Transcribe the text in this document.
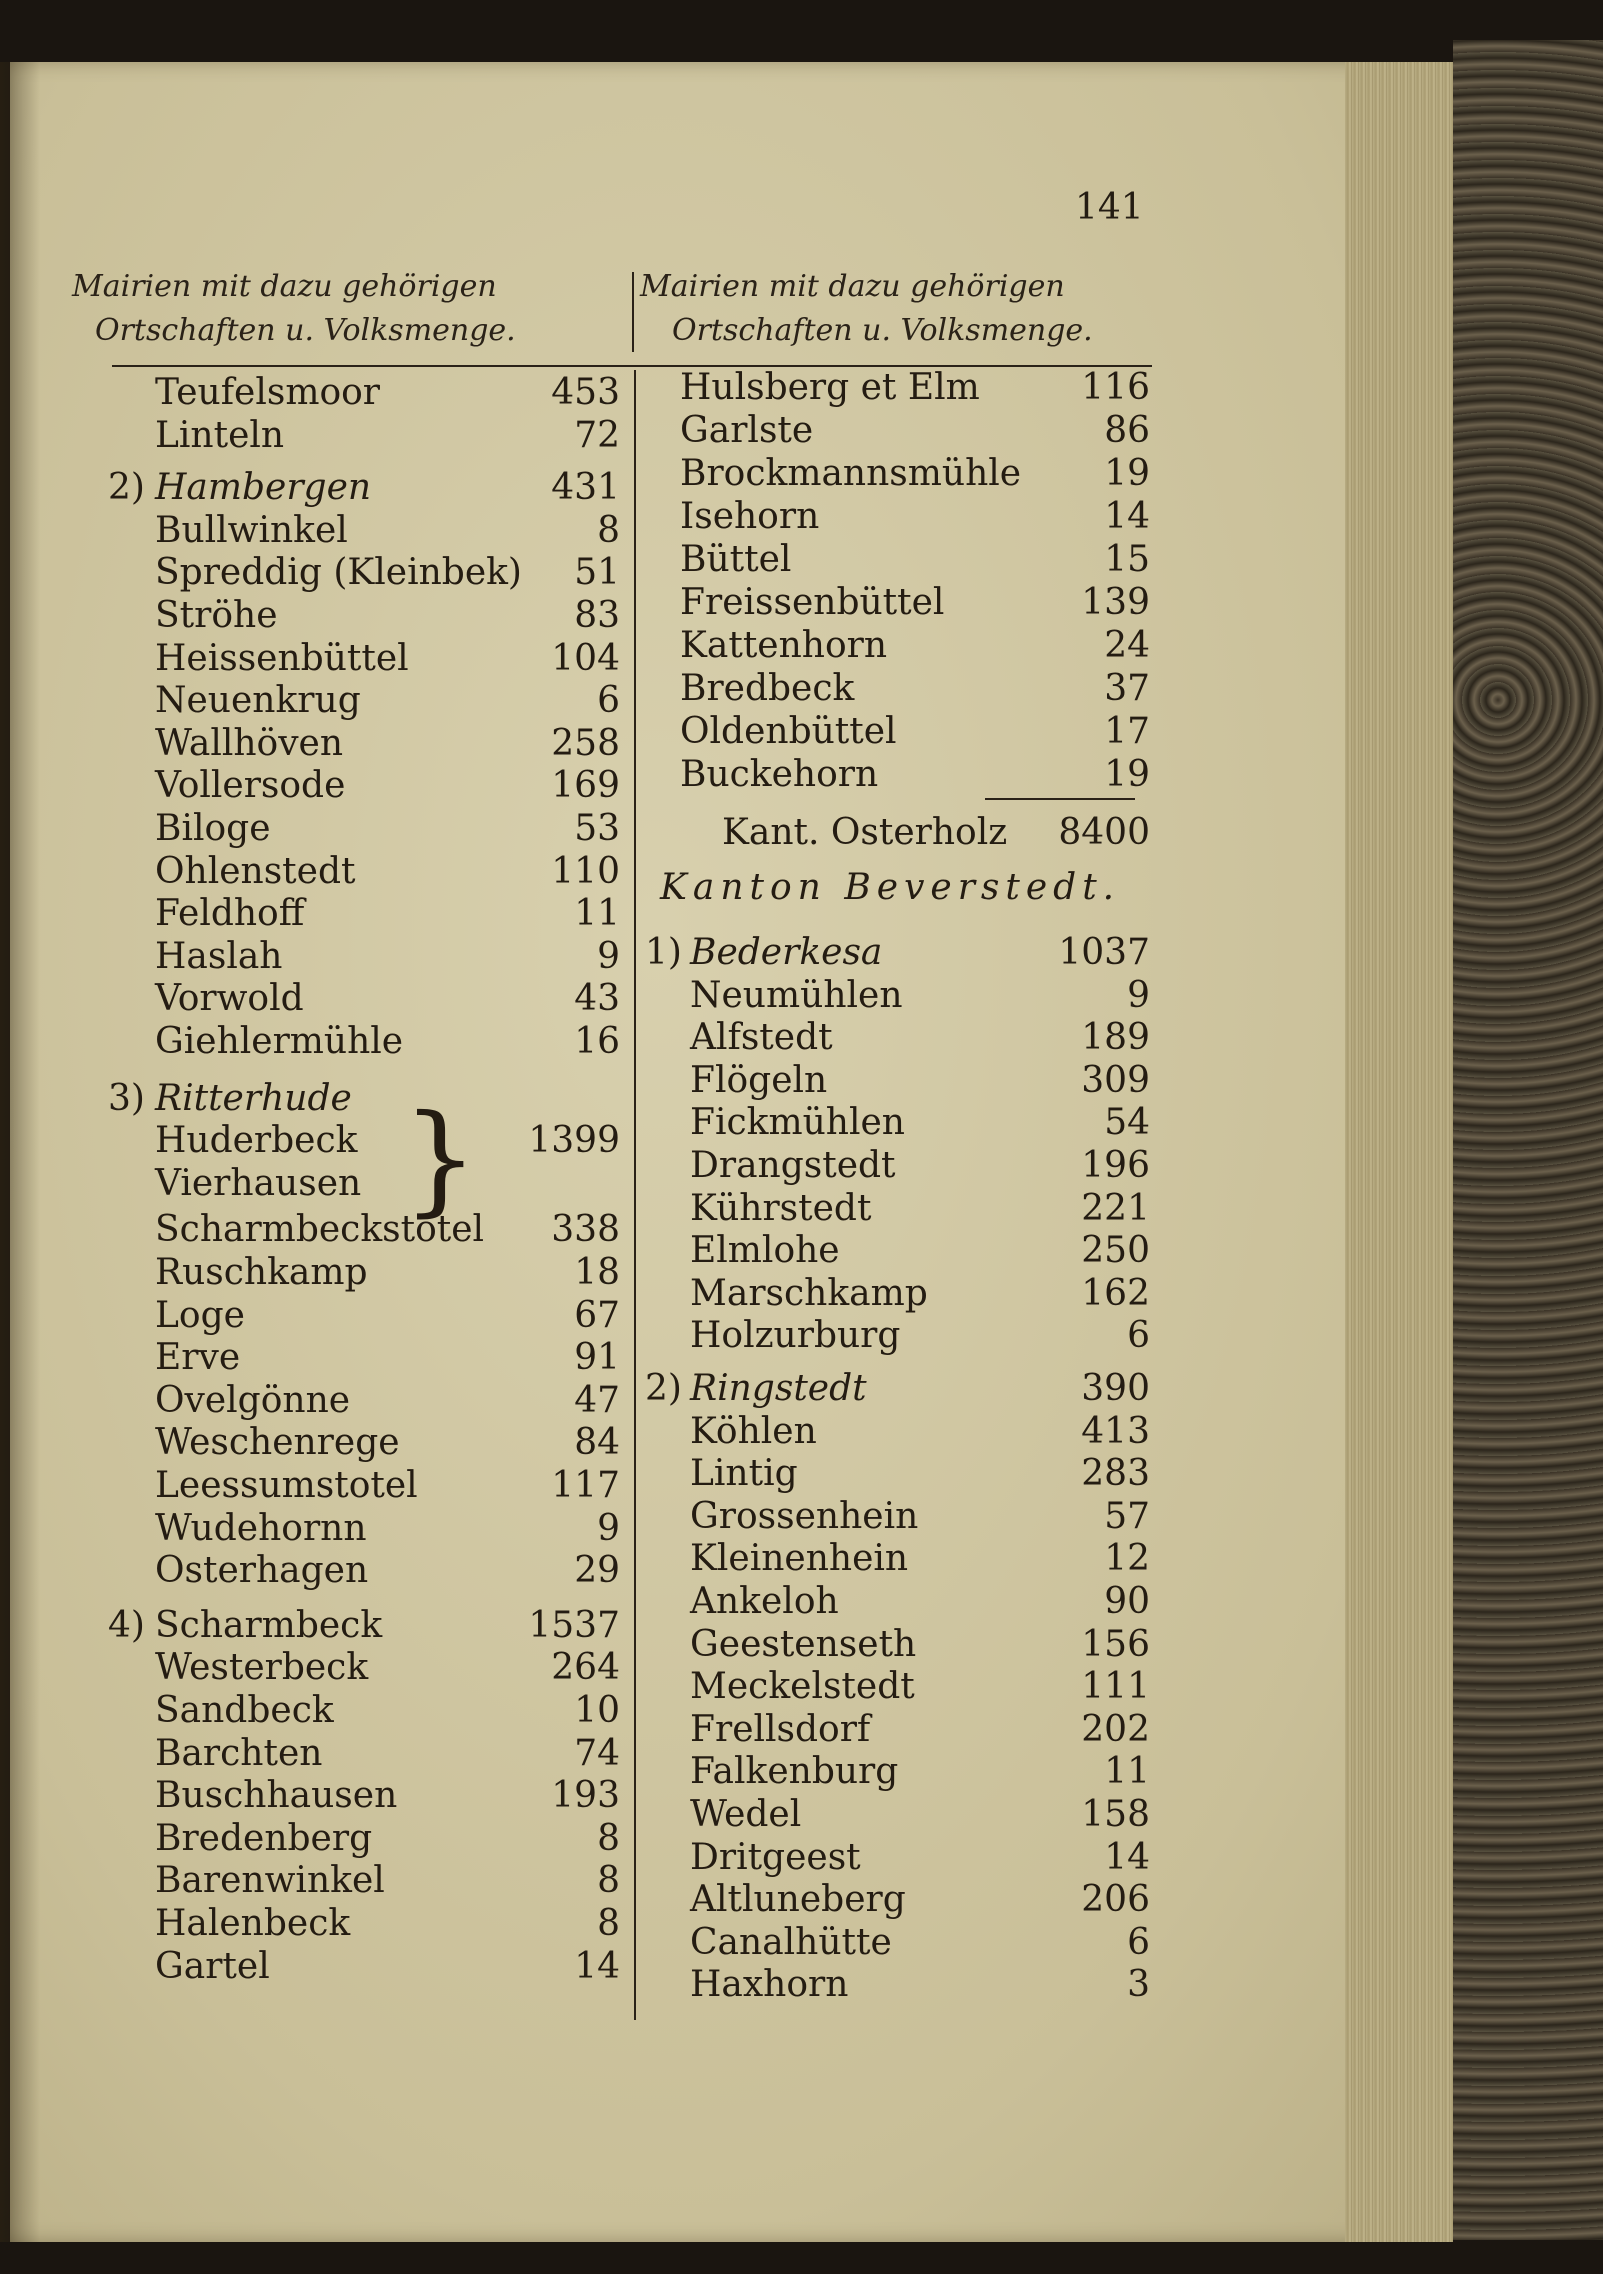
141
Mairien mit dazu gehörigen
Ortschaften u. Volksmenge.
Mairien mit dazu gehörigen
Ortschaften u. Volksmenge.
}
Teufelsmoor	453
Linteln	72
2) Hambergen	431
Bullwinkel	8
Spreddig (Kleinbek)	51
Ströhe	83
Heissenbüttel	104
Neuenkrug	6
Wallhöven	258
Vollersode	169
Biloge	53
Ohlenstedt	110
Feldhoff	11
Haslah	9
Vorwold	43
Giehlermühle	16
3) Ritterhude
Huderbeck	1399
Vierhausen
Scharmbeckstotel	338
Ruschkamp	18
Loge	67
Erve	91
Ovelgönne	47
Weschenrege	84
Leessumstotel	117
Wudehornn	9
Osterhagen	29
4) Scharmbeck	1537
Westerbeck	264
Sandbeck	10
Barchten	74
Buschhausen	193
Bredenberg	8
Barenwinkel	8
Halenbeck	8
Gartel	14
Hulsberg et Elm	116
Garlste	86
Brockmannsmühle	19
Isehorn	14
Büttel	15
Freissenbüttel	139
Kattenhorn	24
Bredbeck	37
Oldenbüttel	17
Buckehorn	19
Kant. Osterholz 8400
Kanton Beverstedt.
1) Bederkesa	1037
Neumühlen	9
Alfstedt	189
Flögeln	309
Fickmühlen	54
Drangstedt	196
Kührstedt	221
Elmlohe	250
Marschkamp	162
Holzurburg	6
2) Ringstedt	390
Köhlen	413
Lintig	283
Grossenhein	57
Kleinenhein	12
Ankeloh	90
Geestenseth	156
Meckelstedt	111
Frellsdorf	202
Falkenburg	11
Wedel	158
Dritgeest	14
Altluneberg	206
Canalhütte	6
Haxhorn	3
